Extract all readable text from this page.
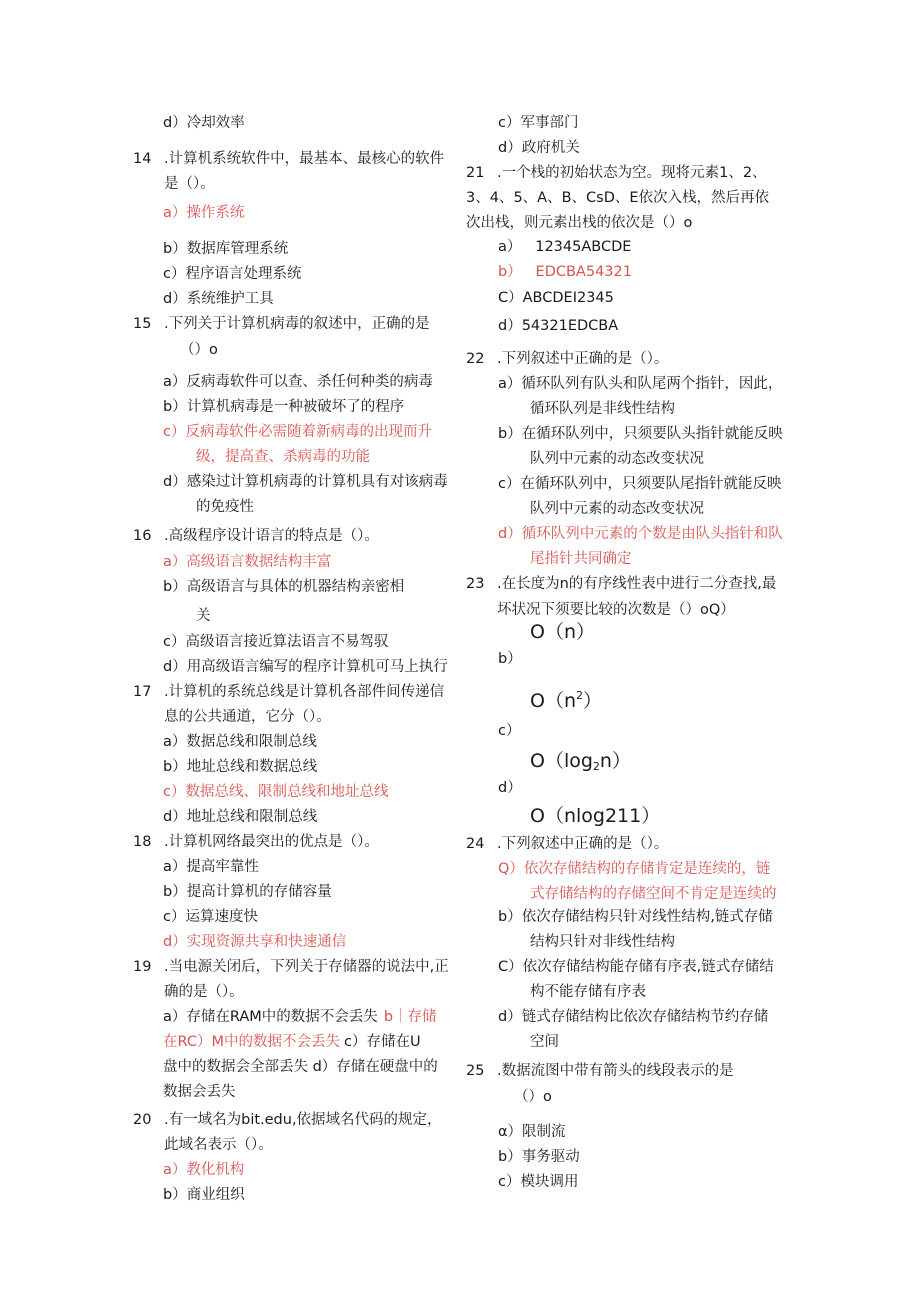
d）冷却效率
14 .计算机系统软件中，最基本、最核心的软件
是（）。
a）操作系统
b）数据库管理系统
c）程序语言处理系统
d）系统维护工具
15 .下列关于计算机病毒的叙述中，正确的是
（）o
a）反病毒软件可以查、杀任何种类的病毒
b）计算机病毒是一种被破坏了的程序
c）反病毒软件必需随着新病毒的出现而升
级，提高查、杀病毒的功能
d）感染过计算机病毒的计算机具有对该病毒
的免疫性
16 .高级程序设计语言的特点是（）。
a）高级语言数据结构丰富
b）高级语言与具体的机器结构亲密相
关
c）高级语言接近算法语言不易驾驭
d）用高级语言编写的程序计算机可马上执行
17 .计算机的系统总线是计算机各部件间传递信
息的公共通道，它分（）。
a）数据总线和限制总线
b）地址总线和数据总线
c）数据总线、限制总线和地址总线
d）地址总线和限制总线
18 .计算机网络最突出的优点是（）。
a）提高牢靠性
b）提高计算机的存储容量
c）运算速度快
d）实现资源共享和快速通信
19 .当电源关闭后，下列关于存储器的说法中,正
确的是（）。
a）存储在RAM中的数据不会丢失 b｜存储
在RC）M中的数据不会丢失 c）存储在U
盘中的数据会全部丢失 d）存储在硬盘中的
数据会丢失
20 .有一域名为bit.edu,依据域名代码的规定，
此域名表示（）。
a）教化机构
b）商业组织
c）军事部门
d）政府机关
21 .一个栈的初始状态为空。现将元素1、2、
3、4、5、A、B、CsD、E依次入栈，然后再依
次出栈，则元素出栈的依次是（）o
a）   12345ABCDE
b）   EDCBA54321
C）ABCDEI2345
d）54321EDCBA
22 .下列叙述中正确的是（）。
a）循环队列有队头和队尾两个指针，因此，
循环队列是非线性结构
b）在循环队列中，只须要队头指针就能反映
队列中元素的动态改变状况
c）在循环队列中，只须要队尾指针就能反映
队列中元素的动态改变状况
d）循环队列中元素的个数是由队头指针和队
尾指针共同确定
23 .在长度为n的有序线性表中进行二分查找,最
坏状况下须要比较的次数是（）oQ）
O（n）
b）
$O(n^2)$
c）
$O(\log_2n)$
d）
O（nlog211）
24 .下列叙述中正确的是（）。
Q）依次存储结构的存储肯定是连续的，链
式存储结构的存储空间不肯定是连续的
b）依次存储结构只针对线性结构,链式存储
结构只针对非线性结构
C）依次存储结构能存储有序表,链式存储结
构不能存储有序表
d）链式存储结构比依次存储结构节约存储
空间
25 .数据流图中带有箭头的线段表示的是
（）o
α）限制流
b）事务驱动
c）模块调用
